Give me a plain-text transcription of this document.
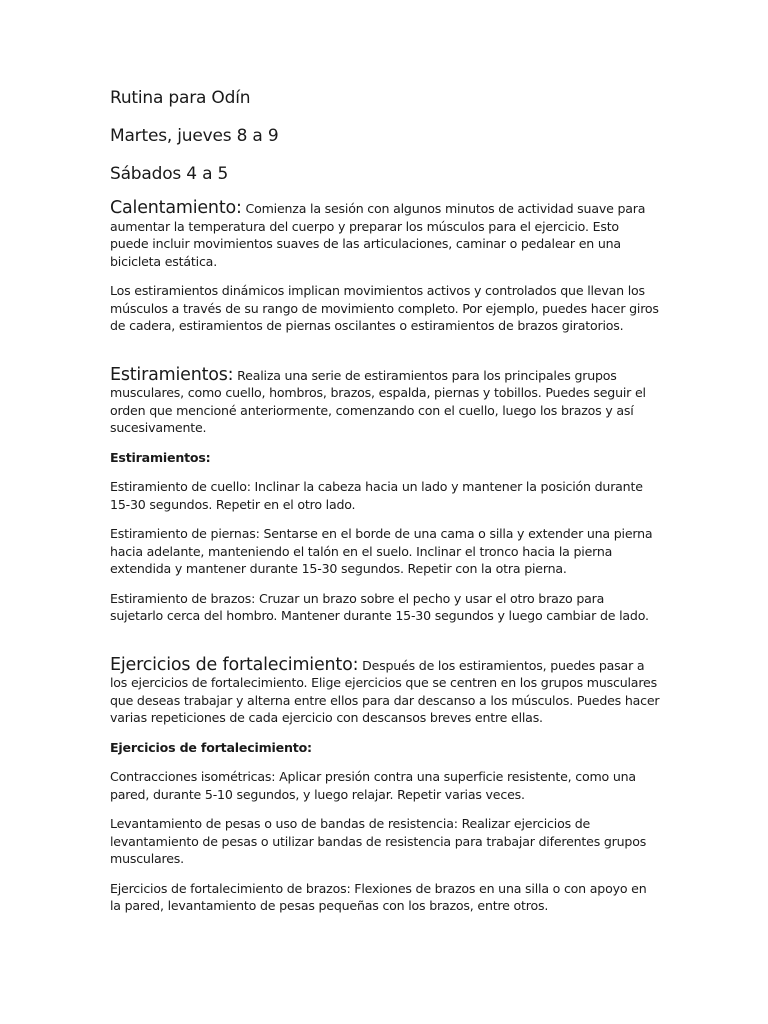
Rutina para Odín
Martes, jueves 8 a 9
Sábados 4 a 5

Calentamiento: Comienza la sesión con algunos minutos de actividad suave para aumentar la temperatura del cuerpo y preparar los músculos para el ejercicio. Esto puede incluir movimientos suaves de las articulaciones, caminar o pedalear en una bicicleta estática.

Los estiramientos dinámicos implican movimientos activos y controlados que llevan los músculos a través de su rango de movimiento completo. Por ejemplo, puedes hacer giros de cadera, estiramientos de piernas oscilantes o estiramientos de brazos giratorios.

Estiramientos: Realiza una serie de estiramientos para los principales grupos musculares, como cuello, hombros, brazos, espalda, piernas y tobillos. Puedes seguir el orden que mencioné anteriormente, comenzando con el cuello, luego los brazos y así sucesivamente.

Estiramientos:

Estiramiento de cuello: Inclinar la cabeza hacia un lado y mantener la posición durante 15-30 segundos. Repetir en el otro lado.

Estiramiento de piernas: Sentarse en el borde de una cama o silla y extender una pierna hacia adelante, manteniendo el talón en el suelo. Inclinar el tronco hacia la pierna extendida y mantener durante 15-30 segundos. Repetir con la otra pierna.

Estiramiento de brazos: Cruzar un brazo sobre el pecho y usar el otro brazo para sujetarlo cerca del hombro. Mantener durante 15-30 segundos y luego cambiar de lado.

Ejercicios de fortalecimiento: Después de los estiramientos, puedes pasar a los ejercicios de fortalecimiento. Elige ejercicios que se centren en los grupos musculares que deseas trabajar y alterna entre ellos para dar descanso a los músculos. Puedes hacer varias repeticiones de cada ejercicio con descansos breves entre ellas.

Ejercicios de fortalecimiento:

Contracciones isométricas: Aplicar presión contra una superficie resistente, como una pared, durante 5-10 segundos, y luego relajar. Repetir varias veces.

Levantamiento de pesas o uso de bandas de resistencia: Realizar ejercicios de levantamiento de pesas o utilizar bandas de resistencia para trabajar diferentes grupos musculares.

Ejercicios de fortalecimiento de brazos: Flexiones de brazos en una silla o con apoyo en la pared, levantamiento de pesas pequeñas con los brazos, entre otros.
